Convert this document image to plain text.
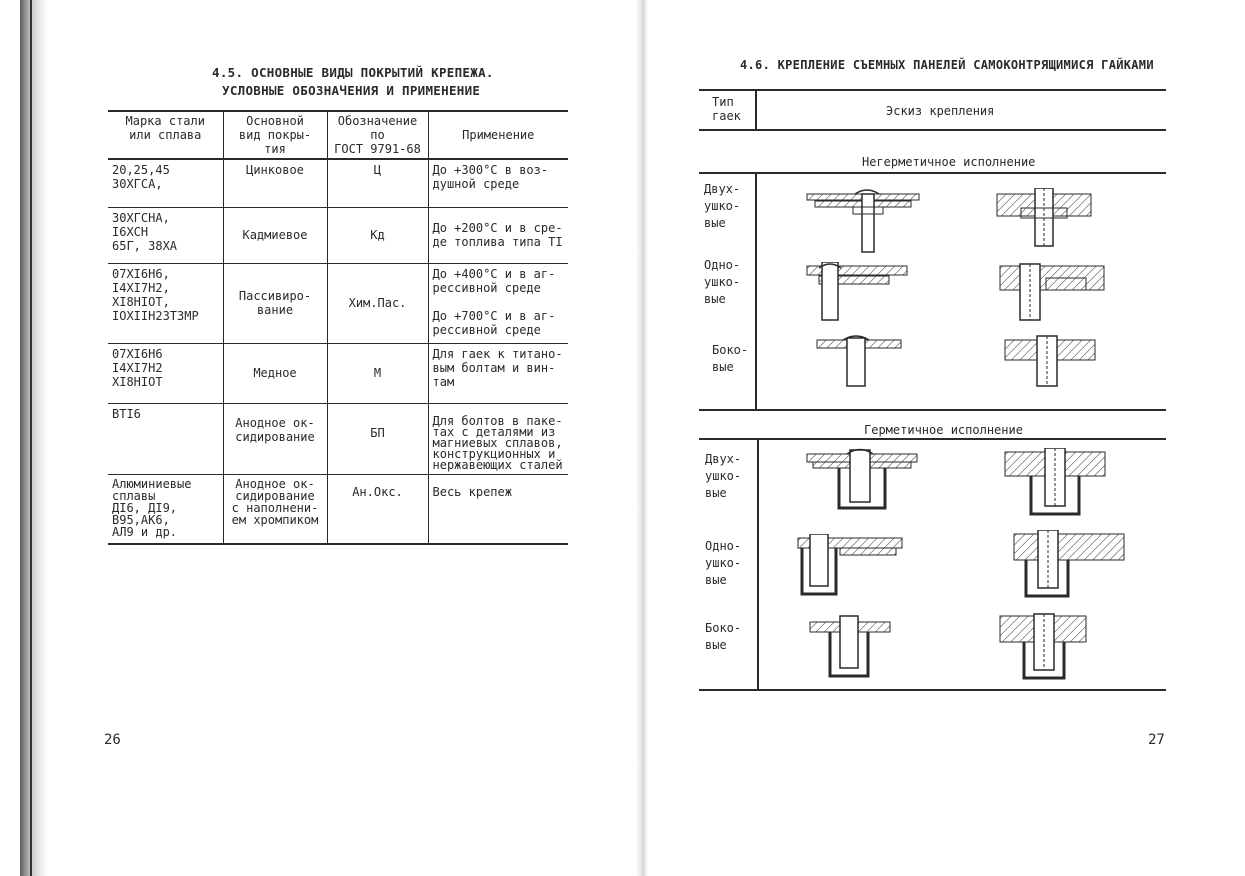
4.5. ОСНОВНЫЕ ВИДЫ ПОКРЫТИЙ КРЕПЕЖА.
УСЛОВНЫЕ ОБОЗНАЧЕНИЯ И ПРИМЕНЕНИЕ
Марка стали
или сплава	Основной
вид покры-
тия	Обозначение по
ГОСТ 9791-68	Применение
20,25,45
30ХГСА,	Цинковое	Ц	До +300°С в воз-
душной среде
30ХГСНА,
I6ХСН
65Г, 38ХА	Кадмиевое	Кд	До +200°С и в сре-
де топлива типа TI
07ХI6Н6,
I4ХI7Н2,
ХI8НIОТ,
IОХIIН23ТЗМР	Пассивиро-
вание	Хим.Пас.	До +400°С и в аг-
рессивной среде

До +700°С и в аг-
рессивной среде
07ХI6Н6
I4ХI7Н2
ХI8НIОТ	Медное	М	Для гаек к титано-
вым болтам и вин-
там
ВТI6	Анодное ок-
сидирование	БП	Для болтов в паке-
тах с деталями из
магниевых сплавов,
конструкционных и
нержавеющих сталей
Алюминиевые
сплавы
ДI6, ДI9,
В95,АК6,
АЛ9 и др.	Анодное ок-
сидирование
с наполнени-
ем хромпиком	Ан.Окс.	Весь крепеж
26
4.6. КРЕПЛЕНИЕ СЪЕМНЫХ ПАНЕЛЕЙ САМОКОНТРЯЩИМИСЯ ГАЙКАМИ
Тип
гаек	Эскиз крепления
Негерметичное исполнение
Двух-
ушко-
вые
Одно-
ушко-
вые
Боко-
вые
Герметичное исполнение
Двух-
ушко-
вые
Одно-
ушко-
вые
Боко-
вые
27
